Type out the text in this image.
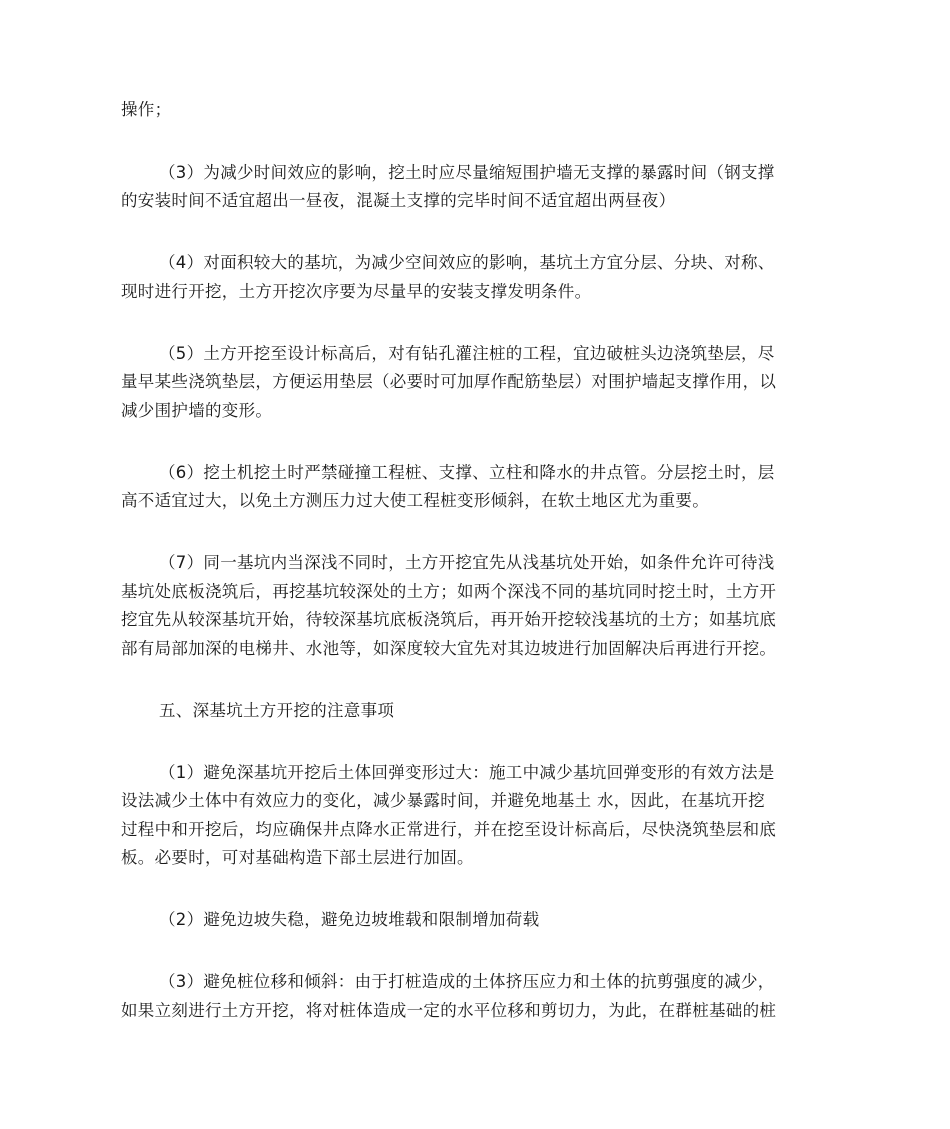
操作；
（3）为减少时间效应的影响，挖土时应尽量缩短围护墙无支撑的暴露时间（钢支撑
的安装时间不适宜超出一昼夜，混凝土支撑的完毕时间不适宜超出两昼夜）
（4）对面积较大的基坑，为减少空间效应的影响，基坑土方宜分层、分块、对称、
现时进行开挖，土方开挖次序要为尽量早的安装支撑发明条件。
（5）土方开挖至设计标高后，对有钻孔灌注桩的工程，宜边破桩头边浇筑垫层，尽
量早某些浇筑垫层，方便运用垫层（必要时可加厚作配筋垫层）对围护墙起支撑作用，以
减少围护墙的变形。
（6）挖土机挖土时严禁碰撞工程桩、支撑、立柱和降水的井点管。分层挖土时，层
高不适宜过大，以免土方测压力过大使工程桩变形倾斜，在软土地区尤为重要。
（7）同一基坑内当深浅不同时，土方开挖宜先从浅基坑处开始，如条件允许可待浅
基坑处底板浇筑后，再挖基坑较深处的土方；如两个深浅不同的基坑同时挖土时，土方开
挖宜先从较深基坑开始，待较深基坑底板浇筑后，再开始开挖较浅基坑的土方；如基坑底
部有局部加深的电梯井、水池等，如深度较大宜先对其边坡进行加固解决后再进行开挖。
五、深基坑土方开挖的注意事项
（1）避免深基坑开挖后土体回弹变形过大：施工中减少基坑回弹变形的有效方法是
设法减少土体中有效应力的变化，减少暴露时间，并避免地基土 水，因此，在基坑开挖
过程中和开挖后，均应确保井点降水正常进行，并在挖至设计标高后，尽快浇筑垫层和底
板。必要时，可对基础构造下部土层进行加固。
（2）避免边坡失稳，避免边坡堆载和限制增加荷载
（3）避免桩位移和倾斜：由于打桩造成的土体挤压应力和土体的抗剪强度的减少，
如果立刻进行土方开挖，将对桩体造成一定的水平位移和剪切力，为此，在群桩基础的桩
